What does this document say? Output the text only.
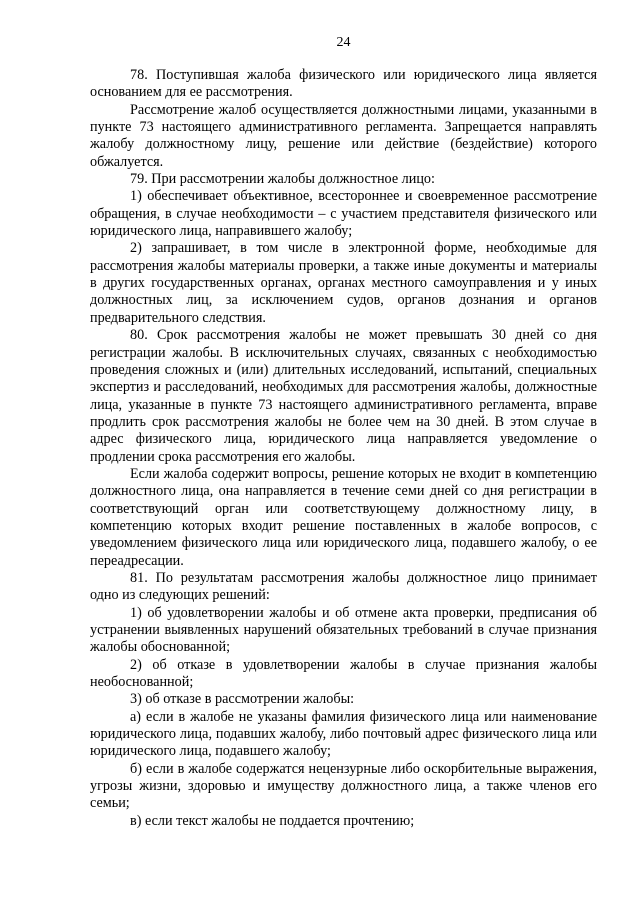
24

78. Поступившая жалоба физического или юридического лица является основанием для ее рассмотрения.

Рассмотрение жалоб осуществляется должностными лицами, указанными в пункте 73 настоящего административного регламента. Запрещается направлять жалобу должностному лицу, решение или действие (бездействие) которого обжалуется.

79. При рассмотрении жалобы должностное лицо:

1) обеспечивает объективное, всестороннее и своевременное рассмотрение обращения, в случае необходимости – с участием представителя физического или юридического лица, направившего жалобу;

2) запрашивает, в том числе в электронной форме, необходимые для рассмотрения жалобы материалы проверки, а также иные документы и материалы в других государственных органах, органах местного самоуправления и у иных должностных лиц, за исключением судов, органов дознания и органов предварительного следствия.

80. Срок рассмотрения жалобы не может превышать 30 дней со дня регистрации жалобы. В исключительных случаях, связанных с необходимостью проведения сложных и (или) длительных исследований, испытаний, специальных экспертиз и расследований, необходимых для рассмотрения жалобы, должностные лица, указанные в пункте 73 настоящего административного регламента, вправе продлить срок рассмотрения жалобы не более чем на 30 дней. В этом случае в адрес физического лица, юридического лица направляется уведомление о продлении срока рассмотрения его жалобы.

Если жалоба содержит вопросы, решение которых не входит в компетенцию должностного лица, она направляется в течение семи дней со дня регистрации в соответствующий орган или соответствующему должностному лицу, в компетенцию которых входит решение поставленных в жалобе вопросов, с уведомлением физического лица или юридического лица, подавшего жалобу, о ее переадресации.

81. По результатам рассмотрения жалобы должностное лицо принимает одно из следующих решений:

1) об удовлетворении жалобы и об отмене акта проверки, предписания об устранении выявленных нарушений обязательных требований в случае признания жалобы обоснованной;

2) об отказе в удовлетворении жалобы в случае признания жалобы необоснованной;

3) об отказе в рассмотрении жалобы:

а) если в жалобе не указаны фамилия физического лица или наименование юридического лица, подавших жалобу, либо почтовый адрес физического лица или юридического лица, подавшего жалобу;

б) если в жалобе содержатся нецензурные либо оскорбительные выражения, угрозы жизни, здоровью и имуществу должностного лица, а также членов его семьи;

в) если текст жалобы не поддается прочтению;
